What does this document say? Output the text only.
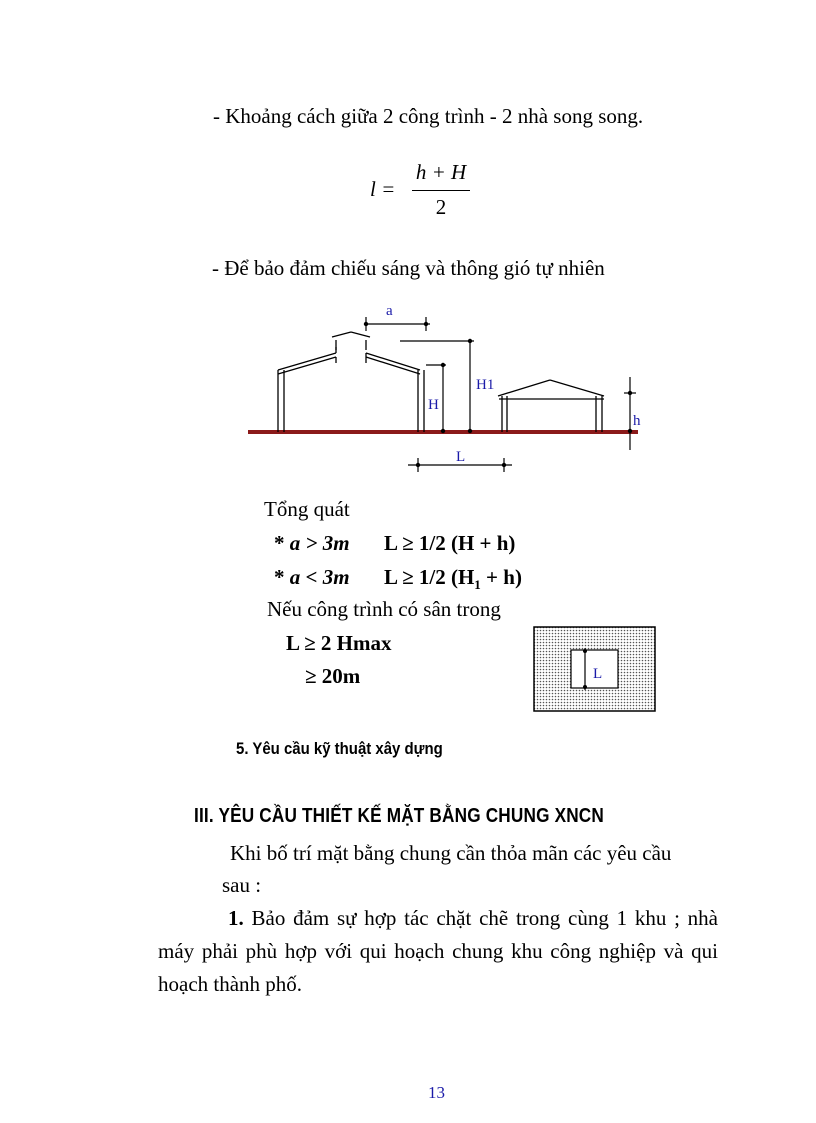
- Khoảng cách giữa 2 công trình - 2 nhà song song.
l =
h + H
2
- Để bảo đảm chiếu sáng và thông gió tự nhiên
a
H1
H
h
L
Tổng quát
* a > 3m L ≥ 1/2 (H + h)
* a < 3m L ≥ 1/2 $(H_1 + h)$
Nếu công trình có sân trong
L ≥ 2 Hmax
≥ 20m	L
5. Yêu cầu kỹ thuật xây dựng
III. YÊU CẦU THIẾT KẾ MẶT BẰNG CHUNG XNCN
Khi bố trí mặt bằng chung cần thỏa mãn các yêu cầu
sau :
1. Bảo đảm sự hợp tác chặt chẽ trong cùng 1 khu ; nhà máy phải phù hợp với qui hoạch chung khu công nghiệp và qui hoạch thành phố.
13
